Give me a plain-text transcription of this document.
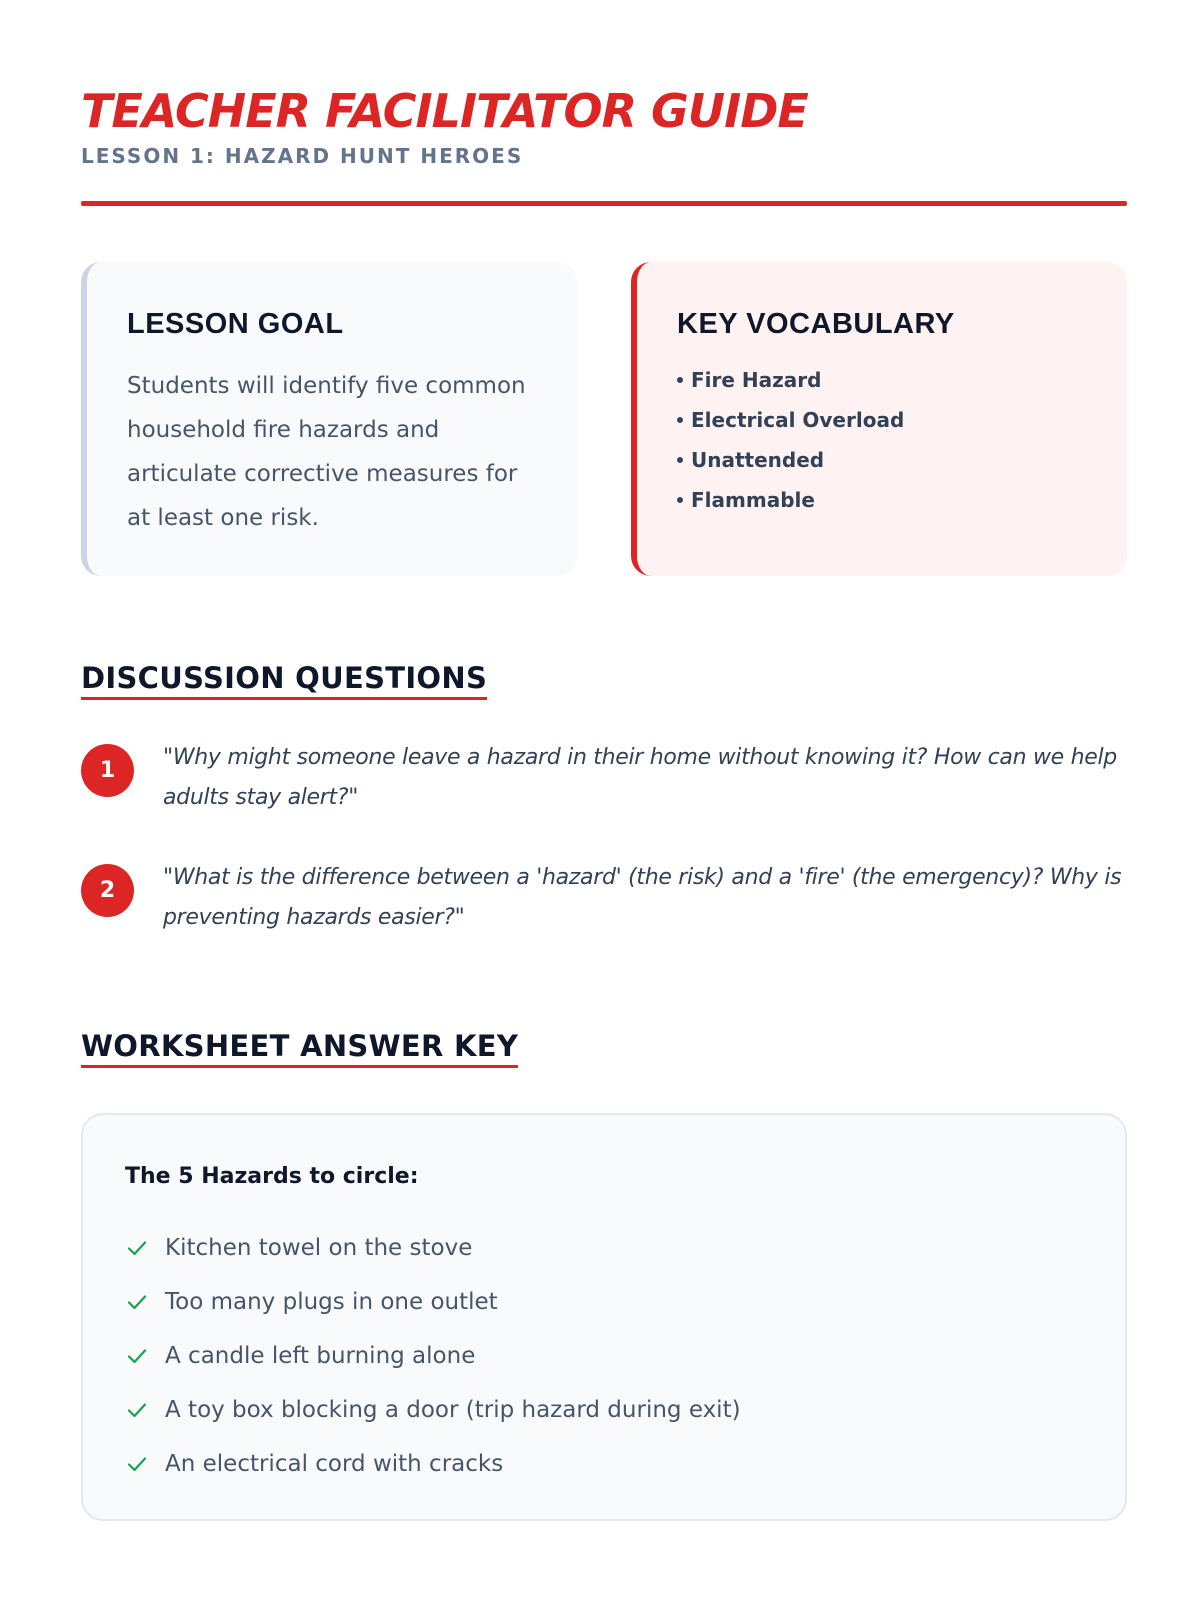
TEACHER FACILITATOR GUIDE
LESSON 1: HAZARD HUNT HEROES
LESSON GOAL

Students will identify five common household fire hazards and articulate corrective measures for at least one risk.

KEY VOCABULARY
Fire Hazard
Electrical Overload
Unattended
Flammable
DISCUSSION QUESTIONS
1

"Why might someone leave a hazard in their home without knowing it? How can we help adults stay alert?"

2

"What is the difference between a 'hazard' (the risk) and a 'fire' (the emergency)? Why is preventing hazards easier?"

WORKSHEET ANSWER KEY
The 5 Hazards to circle:
Kitchen towel on the stove
Too many plugs in one outlet
A candle left burning alone
A toy box blocking a door (trip hazard during exit)
An electrical cord with cracks
